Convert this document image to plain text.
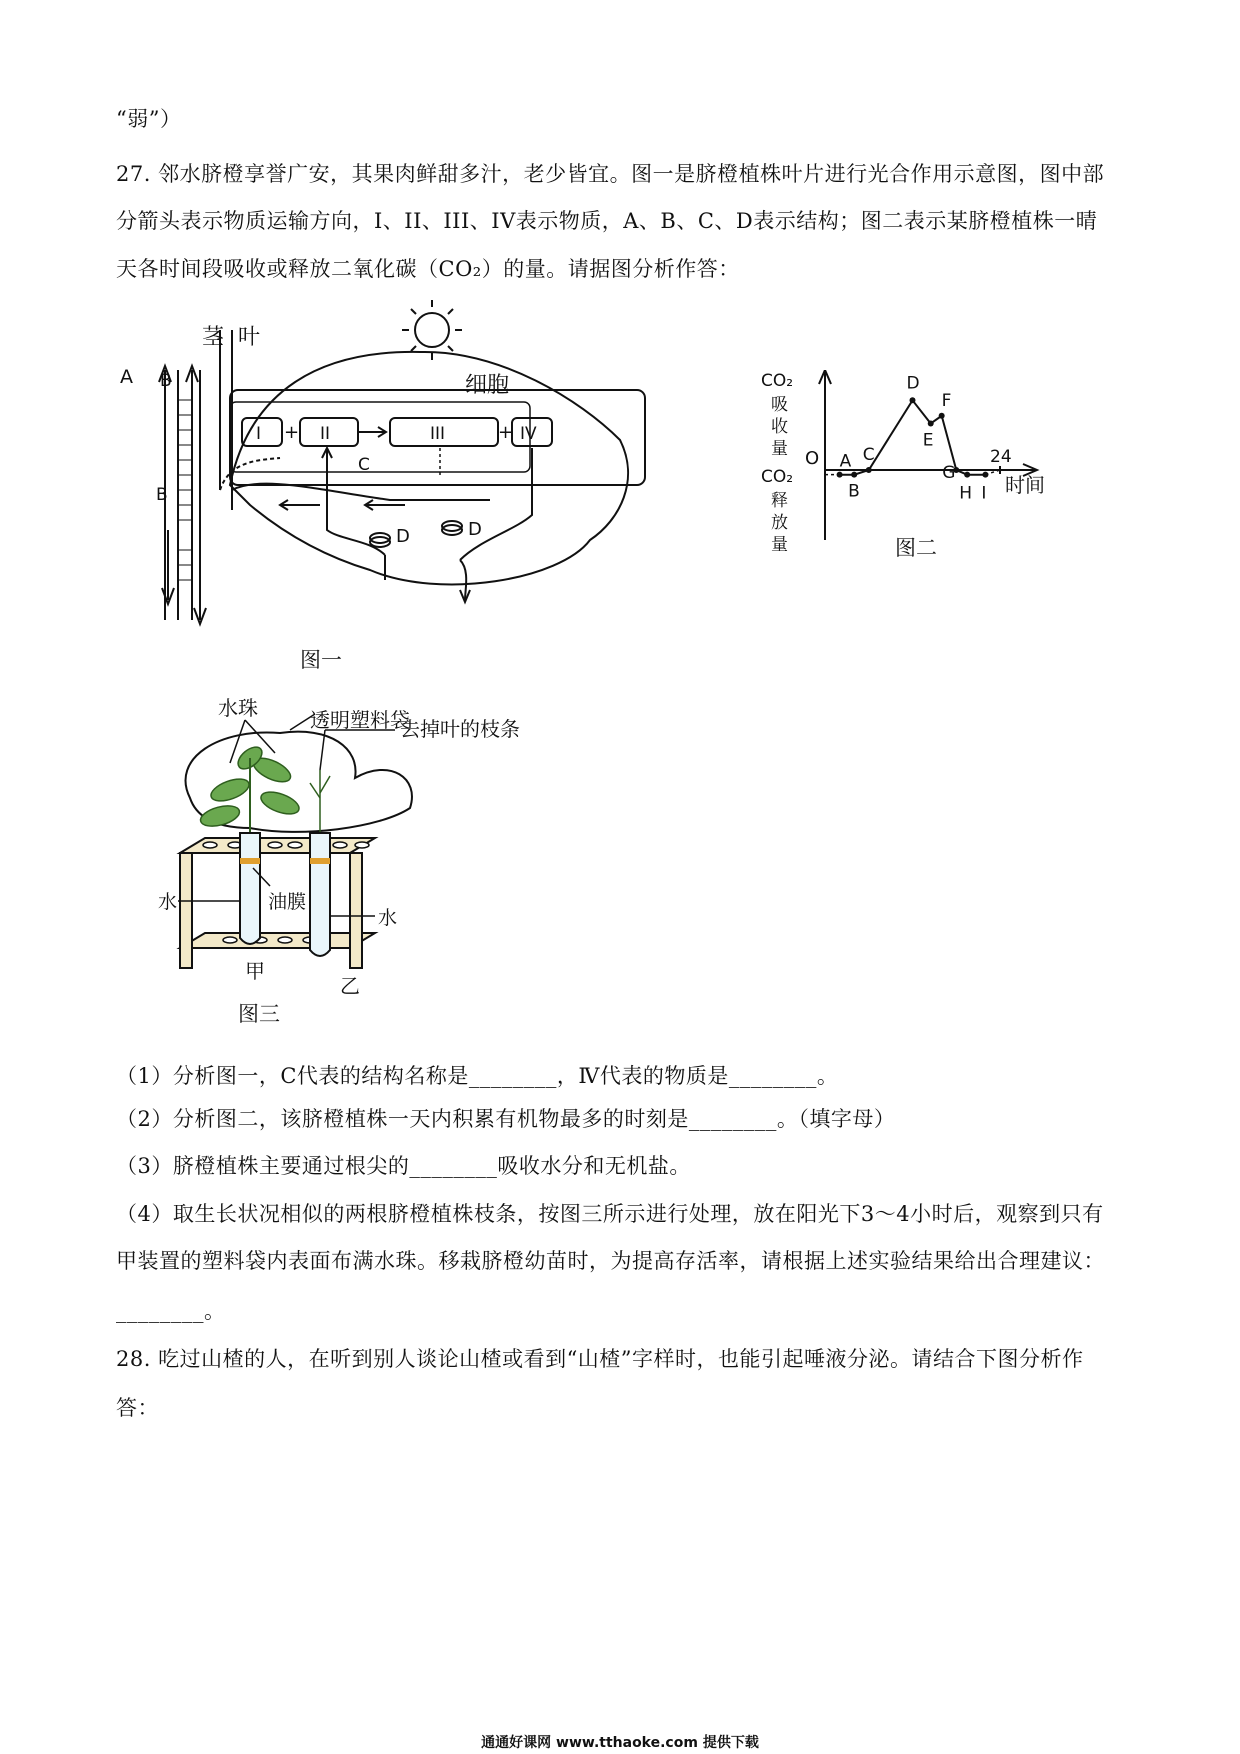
“弱”）
27. 邻水脐橙享誉广安，其果肉鲜甜多汁，老少皆宜。图一是脐橙植株叶片进行光合作用示意图，图中部
分箭头表示物质运输方向，I、II、III、IV表示物质，A、B、C、D表示结构；图二表示某脐橙植株一晴
天各时间段吸收或释放二氧化碳（CO₂）的量。请据图分析作答：
茎 叶
细胞
A B
B
C
D	D
I	II	III	IV
+	+
图一
CO₂
吸
收
量
CO₂
释
放
量
O	24
时间
图二
A
B
C
D
E
F
G
H I
水珠	透明塑料袋
去掉叶的枝条
水	油膜
水
甲
乙
图三
（1）分析图一，C代表的结构名称是________，Ⅳ代表的物质是________。
（2）分析图二，该脐橙植株一天内积累有机物最多的时刻是________。（填字母）
（3）脐橙植株主要通过根尖的________吸收水分和无机盐。
（4）取生长状况相似的两根脐橙植株枝条，按图三所示进行处理，放在阳光下3～4小时后，观察到只有
甲装置的塑料袋内表面布满水珠。移栽脐橙幼苗时，为提高存活率，请根据上述实验结果给出合理建议：
________。
28. 吃过山楂的人，在听到别人谈论山楂或看到“山楂”字样时，也能引起唾液分泌。请结合下图分析作
答：
通通好课网 www.tthaoke.com 提供下载
